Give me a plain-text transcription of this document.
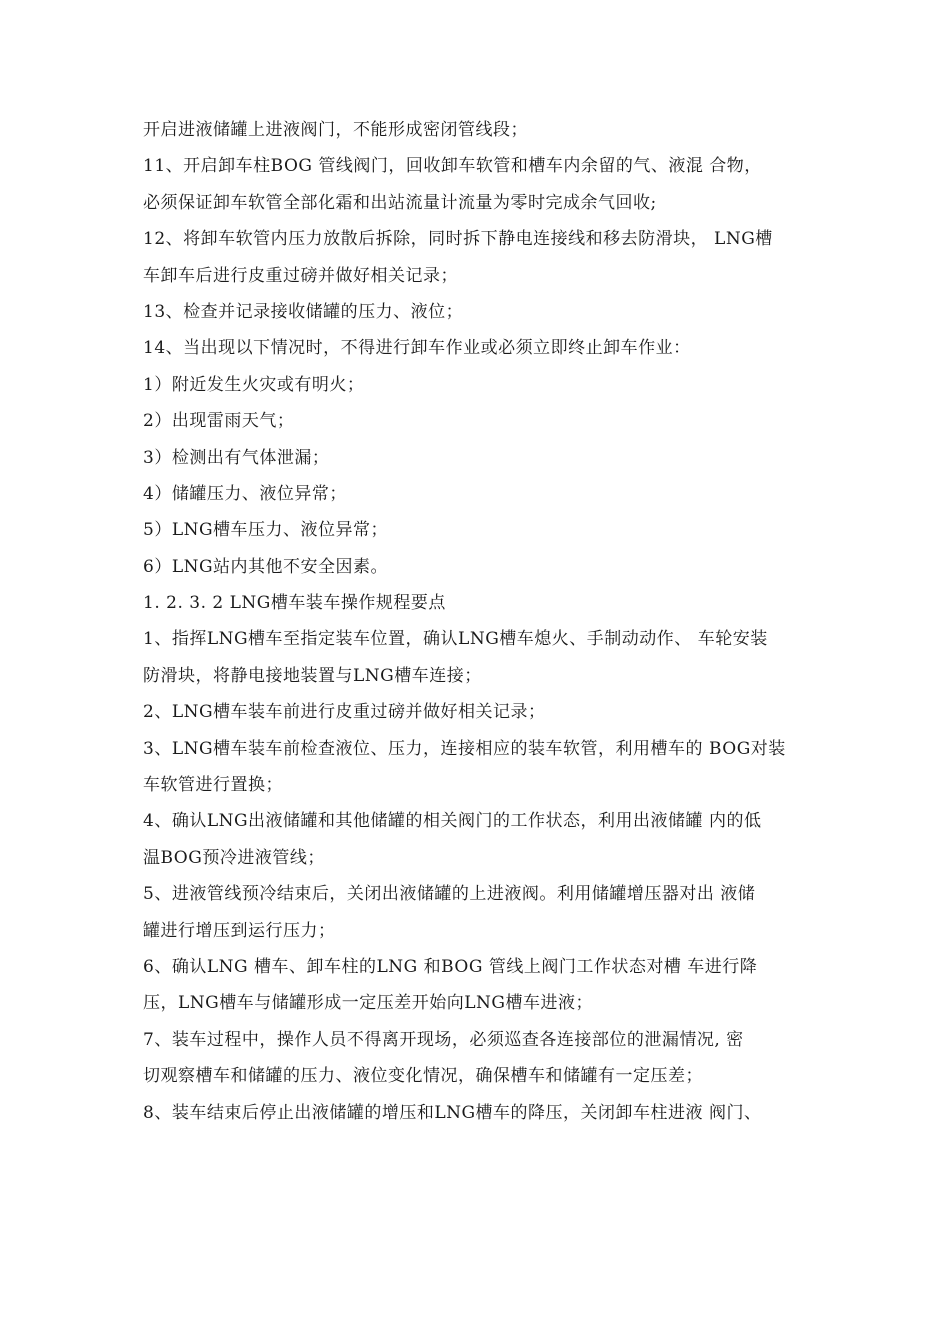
开启进液储罐上进液阀门，不能形成密闭管线段；
11、开启卸车柱BOG 管线阀门，回收卸车软管和槽车内余留的气、液混 合物，
必须保证卸车软管全部化霜和出站流量计流量为零时完成余气回收;
12、将卸车软管内压力放散后拆除，同时拆下静电连接线和移去防滑块， LNG槽
车卸车后进行皮重过磅并做好相关记录；
13、检查并记录接收储罐的压力、液位；
14、当出现以下情况时，不得进行卸车作业或必须立即终止卸车作业：
1）附近发生火灾或有明火；
2）出现雷雨天气；
3）检测出有气体泄漏；
4）储罐压力、液位异常；
5）LNG槽车压力、液位异常；
6）LNG站内其他不安全因素。
1. 2. 3. 2 LNG槽车装车操作规程要点
1、指挥LNG槽车至指定装车位置，确认LNG槽车熄火、手制动动作、 车轮安装
防滑块，将静电接地装置与LNG槽车连接；
2、LNG槽车装车前进行皮重过磅并做好相关记录；
3、LNG槽车装车前检查液位、压力，连接相应的装车软管，利用槽车的 BOG对装
车软管进行置换；
4、确认LNG出液储罐和其他储罐的相关阀门的工作状态，利用出液储罐 内的低
温BOG预冷进液管线；
5、进液管线预冷结束后，关闭出液储罐的上进液阀。利用储罐增压器对出 液储
罐进行增压到运行压力；
6、确认LNG 槽车、卸车柱的LNG 和BOG 管线上阀门工作状态对槽 车进行降
压，LNG槽车与储罐形成一定压差开始向LNG槽车进液；
7、装车过程中，操作人员不得离开现场，必须巡查各连接部位的泄漏情况, 密
切观察槽车和储罐的压力、液位变化情况，确保槽车和储罐有一定压差；
8、装车结束后停止出液储罐的增压和LNG槽车的降压，关闭卸车柱进液 阀门、
